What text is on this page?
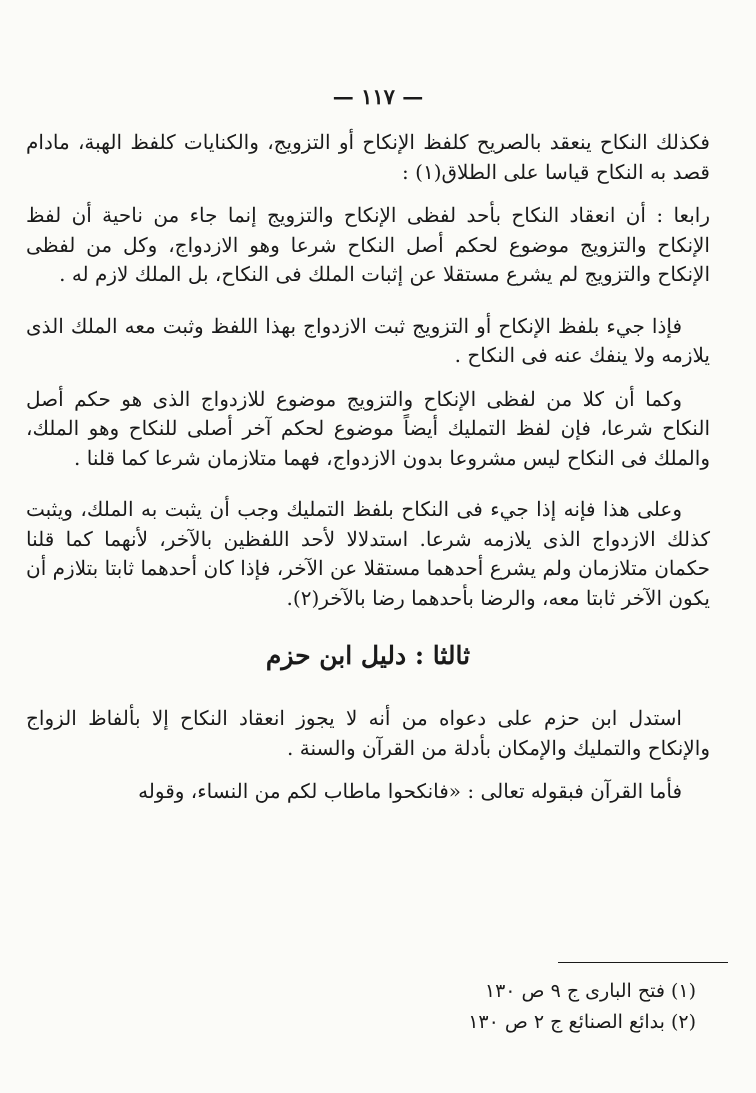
— ١١٧ —

فكذلك النكاح ينعقد بالصريح كلفظ الإنكاح أو التزويج، والكنايات كلفظ الهبة، مادام قصد به النكاح قياسا على الطلاق(١) :

رابعا : أن انعقاد النكاح بأحد لفظى الإنكاح والتزويج إنما جاء من ناحية أن لفظ الإنكاح والتزويج موضوع لحكم أصل النكاح شرعا وهو الازدواج، وكل من لفظى الإنكاح والتزويج لم يشرع مستقلا عن إثبات الملك فى النكاح، بل الملك لازم له .

فإذا جيء بلفظ الإنكاح أو التزويج ثبت الازدواج بهذا اللفظ وثبت معه الملك الذى يلازمه ولا ينفك عنه فى النكاح .

وكما أن كلا من لفظى الإنكاح والتزويج موضوع للازدواج الذى هو حكم أصل النكاح شرعا، فإن لفظ التمليك أيضاً موضوع لحكم آخر أصلى للنكاح وهو الملك، والملك فى النكاح ليس مشروعا بدون الازدواج، فهما متلازمان شرعا كما قلنا .

وعلى هذا فإنه إذا جيء فى النكاح بلفظ التمليك وجب أن يثبت به الملك، ويثبت كذلك الازدواج الذى يلازمه شرعا. استدلالا لأحد اللفظين بالآخر، لأنهما كما قلنا حكمان متلازمان ولم يشرع أحدهما مستقلا عن الآخر، فإذا كان أحدهما ثابتا بتلازم أن يكون الآخر ثابتا معه، والرضا بأحدهما رضا بالآخر(٢).

ثالثا : دليل ابن حزم

استدل ابن حزم على دعواه من أنه لا يجوز انعقاد النكاح إلا بألفاظ الزواج والإنكاح والتمليك والإمكان بأدلة من القرآن والسنة .

فأما القرآن فبقوله تعالى : «فانكحوا ماطاب لكم من النساء، وقوله

(١) فتح البارى ج ٩ ص ١٣٠

(٢) بدائع الصنائع ج ٢ ص ١٣٠
